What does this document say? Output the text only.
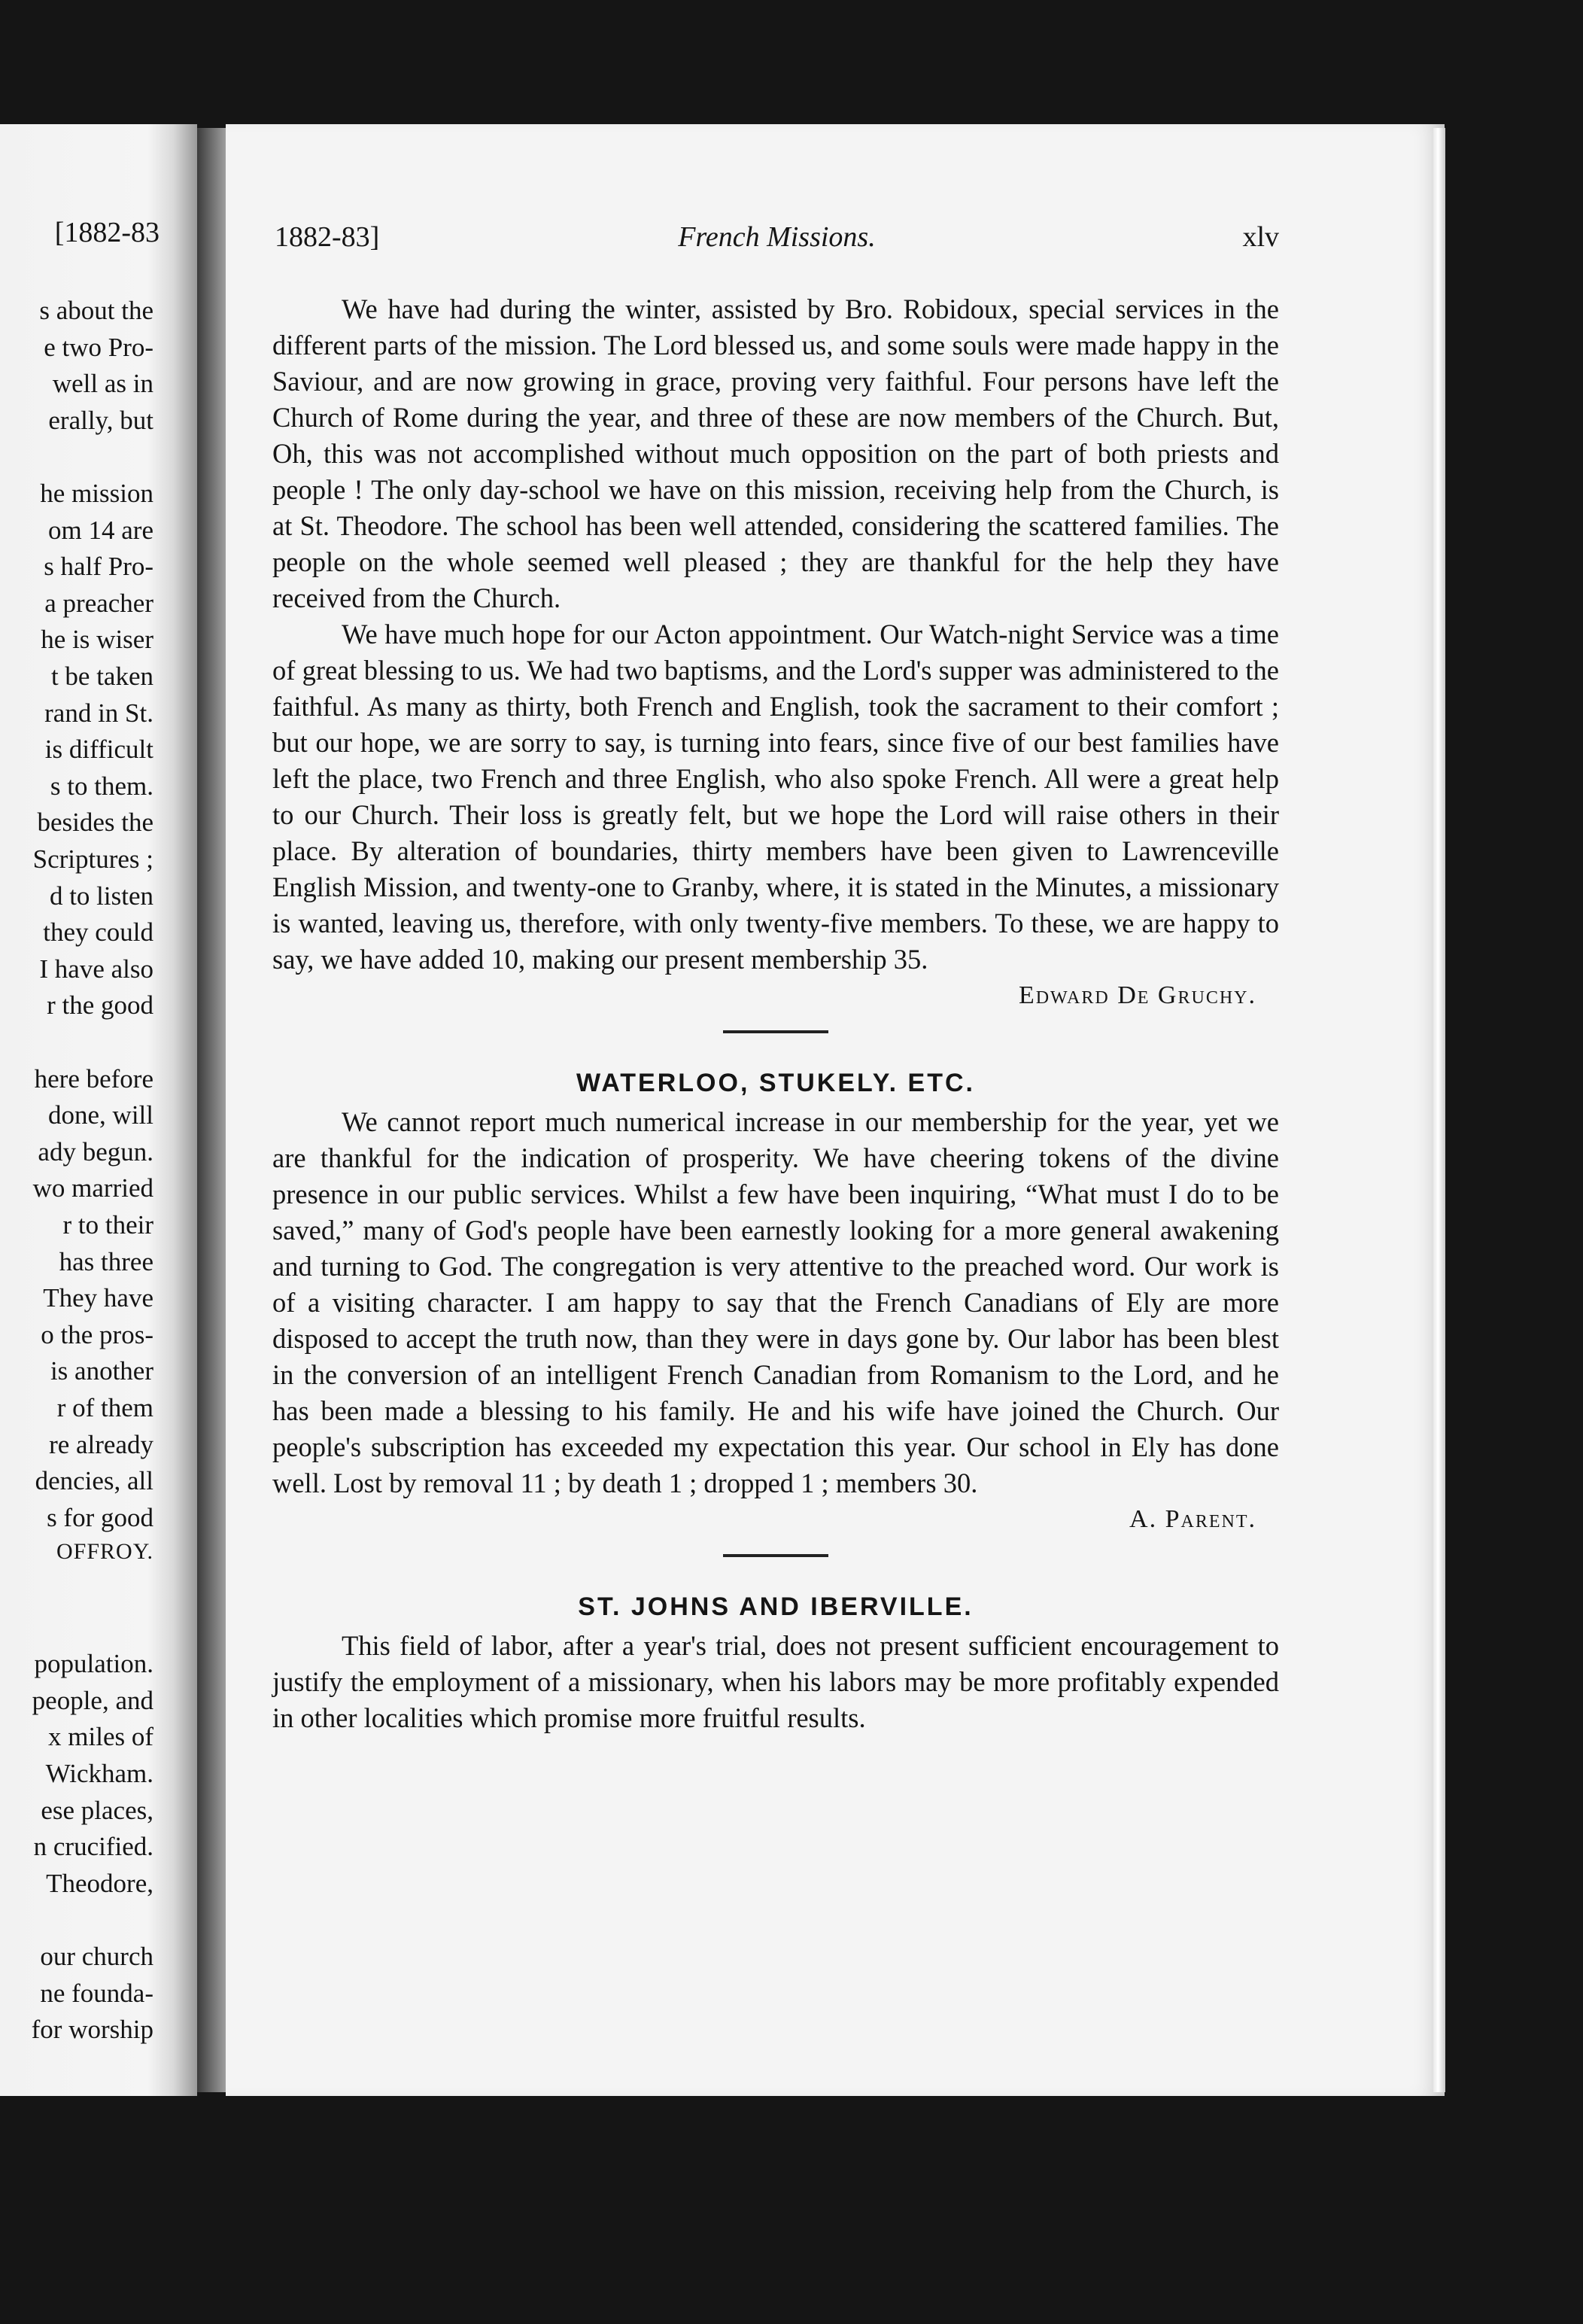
[1882-83
s about the
e two Pro-
well as in
erally, but
he mission
om 14 are
s half Pro-
a preacher
he is wiser
t be taken
rand in St.
is difficult
s to them.
besides the
Scriptures ;
d to listen
they could
I have also
r the good
here before
done, will
ady begun.
wo married
r to their
has three
They have
o the pros-
is another
r of them
re already
dencies, all
s for good
OFFROY.
population.
people, and
x miles of
Wickham.
ese places,
n crucified.
Theodore,
our church
ne founda-
for worship
1882-83]	French Missions.	xlv

We have had during the winter, assisted by Bro. Robidoux, special services in the different parts of the mission. The Lord blessed us, and some souls were made happy in the Saviour, and are now growing in grace, proving very faithful. Four persons have left the Church of Rome during the year, and three of these are now members of the Church. But, Oh, this was not accomplished without much opposition on the part of both priests and people ! The only day-school we have on this mission, receiving help from the Church, is at St. Theodore. The school has been well attended, considering the scattered families. The people on the whole seemed well pleased ; they are thankful for the help they have received from the Church.

We have much hope for our Acton appointment. Our Watch-night Service was a time of great blessing to us. We had two baptisms, and the Lord's supper was administered to the faithful. As many as thirty, both French and English, took the sacrament to their comfort ; but our hope, we are sorry to say, is turning into fears, since five of our best families have left the place, two French and three English, who also spoke French. All were a great help to our Church. Their loss is greatly felt, but we hope the Lord will raise others in their place. By alteration of boundaries, thirty members have been given to Lawrenceville English Mission, and twenty-one to Granby, where, it is stated in the Minutes, a missionary is wanted, leaving us, therefore, with only twenty-five members. To these, we are happy to say, we have added 10, making our present membership 35.

Edward De Gruchy.
WATERLOO, STUKELY. ETC.

We cannot report much numerical increase in our membership for the year, yet we are thankful for the indication of prosperity. We have cheering tokens of the divine presence in our public services. Whilst a few have been inquiring, “What must I do to be saved,” many of God's people have been earnestly looking for a more general awakening and turning to God. The congregation is very attentive to the preached word. Our work is of a visiting character. I am happy to say that the French Canadians of Ely are more disposed to accept the truth now, than they were in days gone by. Our labor has been blest in the conversion of an intelligent French Canadian from Romanism to the Lord, and he has been made a blessing to his family. He and his wife have joined the Church. Our people's subscription has exceeded my expectation this year. Our school in Ely has done well. Lost by removal 11 ; by death 1 ; dropped 1 ; members 30.

A. Parent.
ST. JOHNS AND IBERVILLE.

This field of labor, after a year's trial, does not present sufficient encouragement to justify the employment of a missionary, when his labors may be more profitably expended in other localities which promise more fruitful results.
